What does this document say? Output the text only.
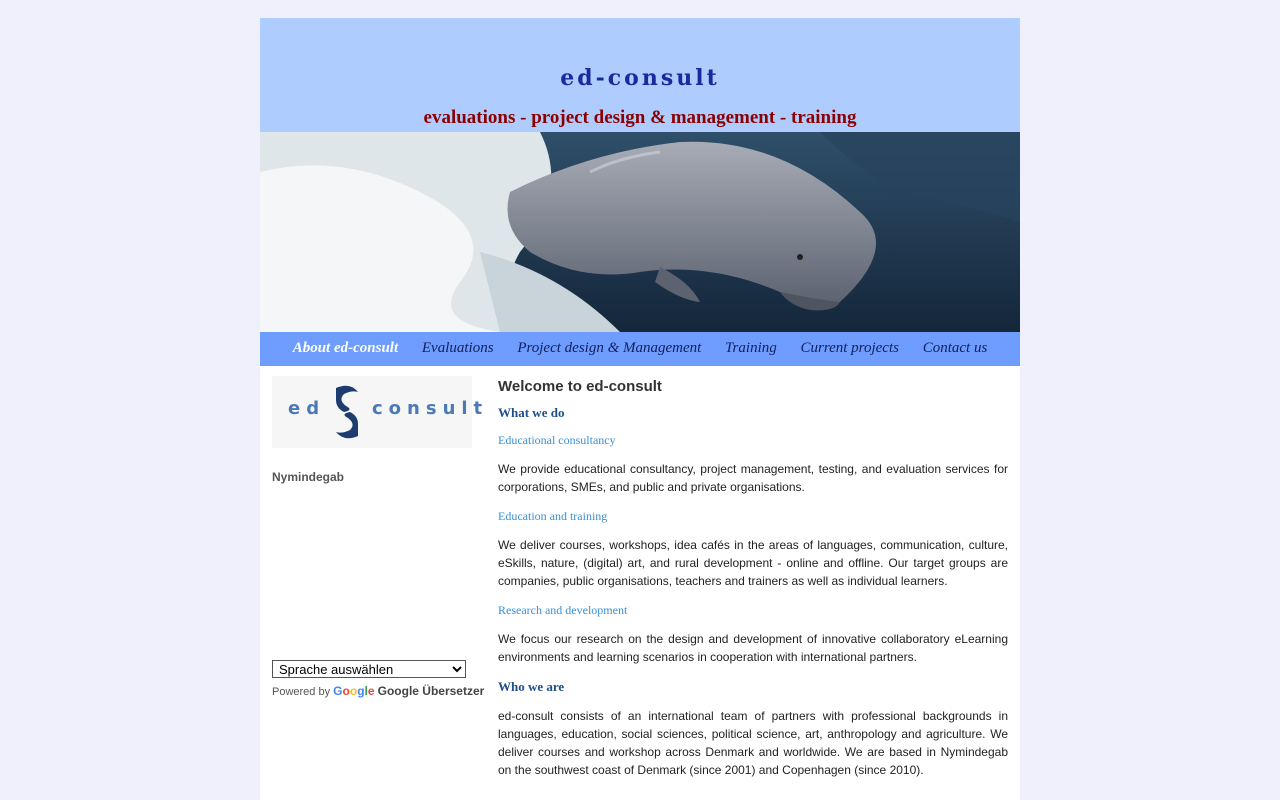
ed-consult
evaluations - project design & management - training
About ed-consult Evaluations Project design & Management Training Current projects Contact us
ed	consult
Nymindegab
Sprache auswählen
Powered by Google Google Übersetzer
Welcome to ed-consult
What we do
Educational consultancy

We provide educational consultancy, project management, testing, and evaluation services for corporations, SMEs, and public and private organisations.

Education and training

We deliver courses, workshops, idea cafés in the areas of languages, communication, culture, eSkills, nature, (digital) art, and rural development - online and offline. Our target groups are companies, public organisations, teachers and trainers as well as individual learners.

Research and development

We focus our research on the design and development of innovative collaboratory eLearning environments and learning scenarios in cooperation with international partners.

Who we are

ed-consult consists of an international team of partners with professional backgrounds in languages, education, social sciences, political science, art, anthropology and agriculture. We deliver courses and workshop across Denmark and worldwide. We are based in Nymindegab on the southwest coast of Denmark (since 2001) and Copenhagen (since 2010).
